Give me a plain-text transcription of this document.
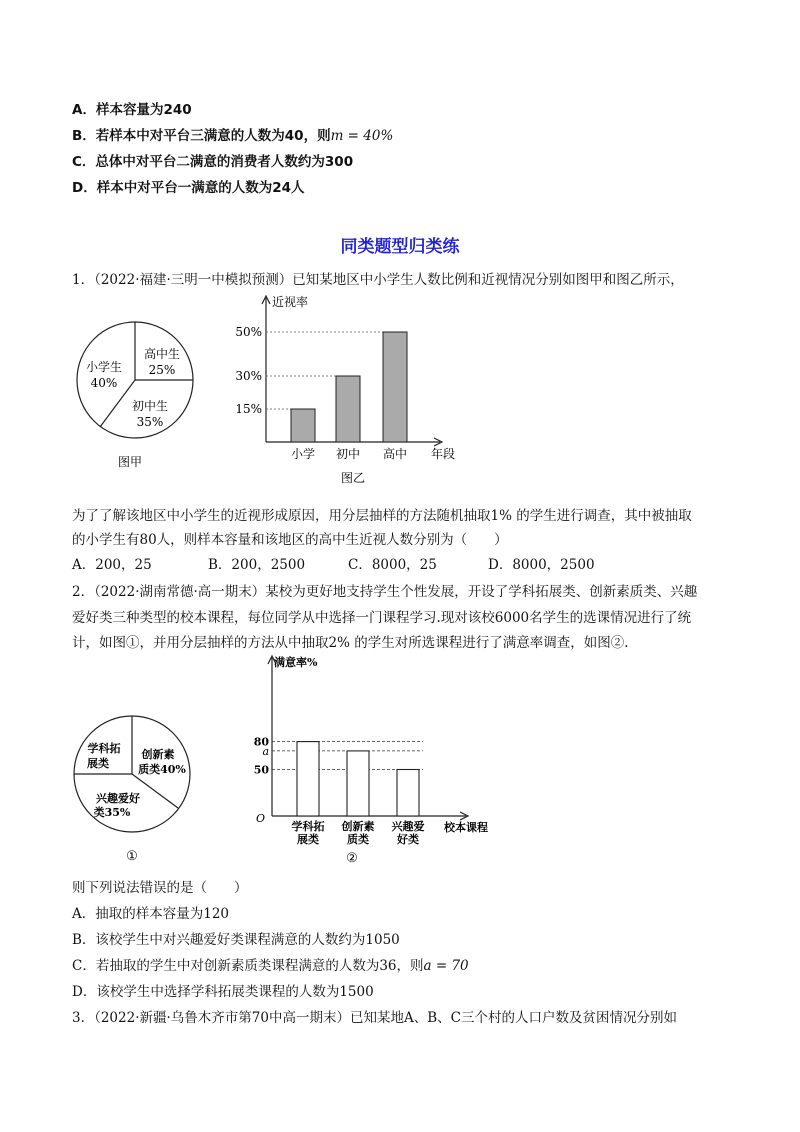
A．样本容量为240
B．若样本中对平台三满意的人数为40，则m = 40%
C．总体中对平台二满意的消费者人数约为300
D．样本中对平台一满意的人数为24人
同类题型归类练
1．（2022·福建·三明一中模拟预测）已知某地区中小学生人数比例和近视情况分别如图甲和图乙所示，
高中生
25%
初中生
35%
小学生
40%
图甲
近视率
年段
15%
30%
50%
小学 初中 高中
图乙
为了了解该地区中小学生的近视形成原因，用分层抽样的方法随机抽取1% 的学生进行调查，其中被抽取
的小学生有80人，则样本容量和该地区的高中生近视人数分别为（　　）
A．200，25	B．200，2500	C．8000，25	D．8000，2500
2．（2022·湖南常德·高一期末）某校为更好地支持学生个性发展，开设了学科拓展类、创新素质类、兴趣
爱好类三种类型的校本课程，每位同学从中选择一门课程学习.现对该校6000名学生的选课情况进行了统
计，如图①，并用分层抽样的方法从中抽取2% 的学生对所选课程进行了满意率调查，如图②.
学科拓
展类
创新素
质类40%
兴趣爱好
类35%
①
满意率%
校本课程
O
80
a
50
学科拓
展类
创新素
质类
兴趣爱
好类
②
则下列说法错误的是（　　）
A．抽取的样本容量为120
B．该校学生中对兴趣爱好类课程满意的人数约为1050
C．若抽取的学生中对创新素质类课程满意的人数为36，则a = 70
D．该校学生中选择学科拓展类课程的人数为1500
3．（2022·新疆·乌鲁木齐市第70中高一期末）已知某地A、B、C三个村的人口户数及贫困情况分别如
